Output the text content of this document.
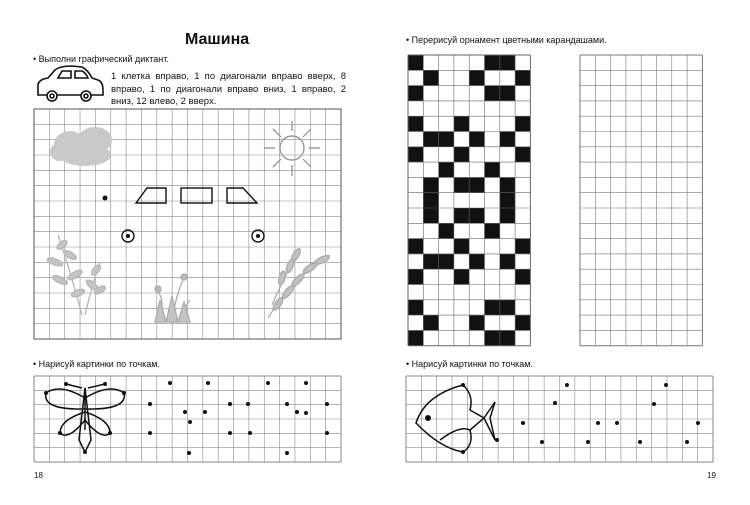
Машина
• Выполни графический диктант.
1 клетка вправо, 1 по диагонали вправо вверх, 8 вправо, 1 по диагонали вправо вниз, 1 вправо, 2 вниз, 12 влево, 2 вверх.
• Нарисуй картинки по точкам.
18
• Перерисуй орнамент цветными карандашами.
• Нарисуй картинки по точкам.
19
